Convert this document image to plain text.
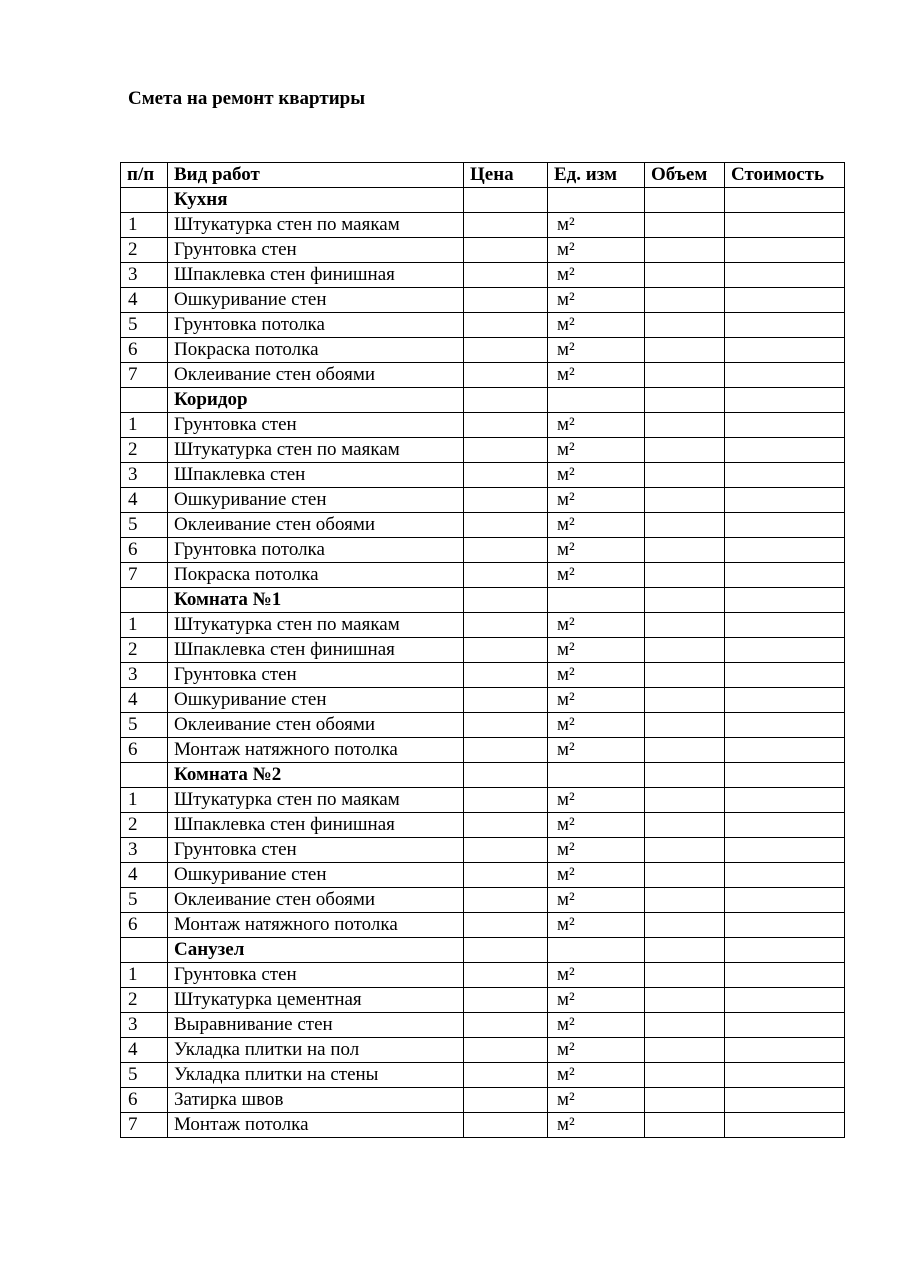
Смета на ремонт квартиры
п/п	Вид работ	Цена	Ед. изм	Объем	Стоимость
	Кухня				
1	Штукатурка стен по маякам		м²		
2	Грунтовка стен		м²		
3	Шпаклевка стен финишная		м²		
4	Ошкуривание стен		м²		
5	Грунтовка потолка		м²		
6	Покраска потолка		м²		
7	Оклеивание стен обоями		м²		
	Коридор				
1	Грунтовка стен		м²		
2	Штукатурка стен по маякам		м²		
3	Шпаклевка стен		м²		
4	Ошкуривание стен		м²		
5	Оклеивание стен обоями		м²		
6	Грунтовка потолка		м²		
7	Покраска потолка		м²		
	Комната №1				
1	Штукатурка стен по маякам		м²		
2	Шпаклевка стен финишная		м²		
3	Грунтовка стен		м²		
4	Ошкуривание стен		м²		
5	Оклеивание стен обоями		м²		
6	Монтаж натяжного потолка		м²		
	Комната №2				
1	Штукатурка стен по маякам		м²		
2	Шпаклевка стен финишная		м²		
3	Грунтовка стен		м²		
4	Ошкуривание стен		м²		
5	Оклеивание стен обоями		м²		
6	Монтаж натяжного потолка		м²		
	Санузел				
1	Грунтовка стен		м²		
2	Штукатурка цементная		м²		
3	Выравнивание стен		м²		
4	Укладка плитки на пол		м²		
5	Укладка плитки на стены		м²		
6	Затирка швов		м²		
7	Монтаж потолка		м²		
